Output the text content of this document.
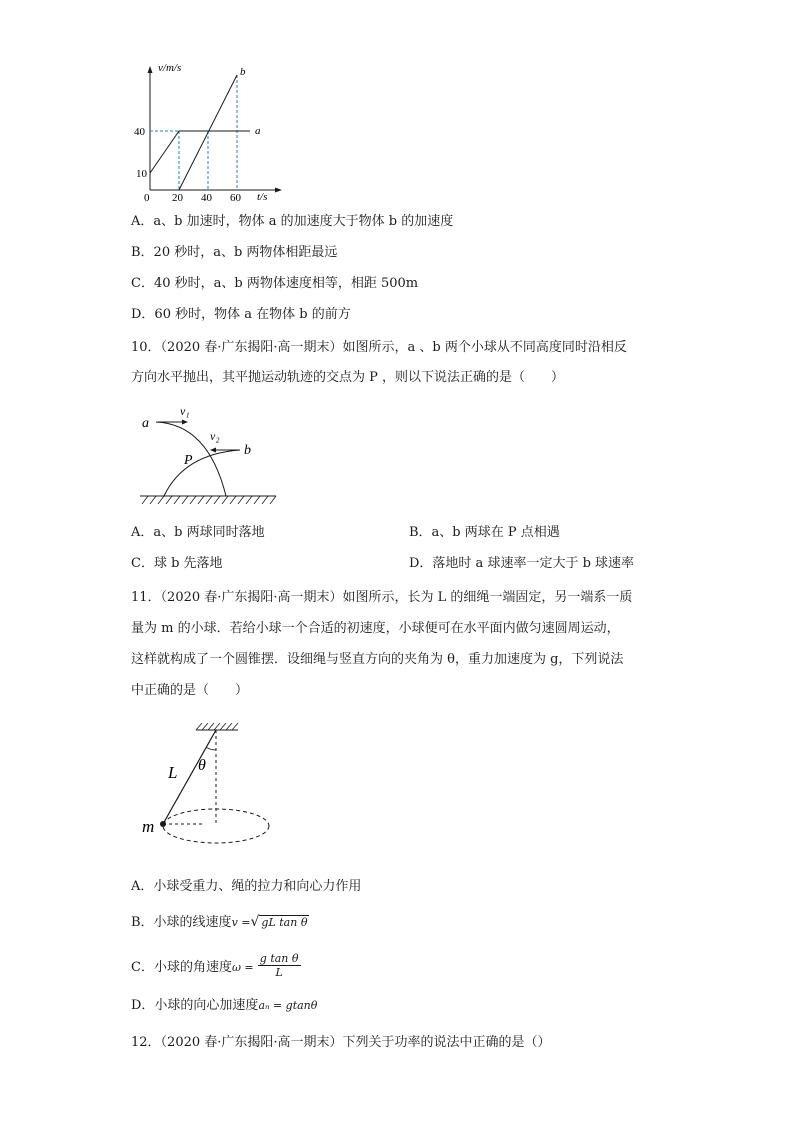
v/m/s
t/s
40
10
0 20 40 60
a
b
A．a、b 加速时，物体 a 的加速度大于物体 b 的加速度
B．20 秒时，a、b 两物体相距最远
C．40 秒时，a、b 两物体速度相等，相距 500m
D．60 秒时，物体 a 在物体 b 的前方
10．（2020 春·广东揭阳·高一期末）如图所示，a 、b 两个小球从不同高度同时沿相反
方向水平抛出，其平抛运动轨迹的交点为 P ，则以下说法正确的是（　　）
a
v₁
v₂
b
P
A．a、b 两球同时落地	B．a、b 两球在 P 点相遇
C．球 b 先落地	D．落地时 a 球速率一定大于 b 球速率
11．（2020 春·广东揭阳·高一期末）如图所示，长为 L 的细绳一端固定，另一端系一质
量为 m 的小球．若给小球一个合适的初速度，小球便可在水平面内做匀速圆周运动，
这样就构成了一个圆锥摆．设细绳与竖直方向的夹角为 θ，重力加速度为 g，下列说法
中正确的是（　　）
L θ
m
A．小球受重力、绳的拉力和向心力作用
B．小球的线速度v =√ gL tan θ
C．小球的角速度$\omega = \frac{\text{g tan θ}}{L}$
D．小球的向心加速度aₙ = gtanθ
12．（2020 春·广东揭阳·高一期末）下列关于功率的说法中正确的是（）
